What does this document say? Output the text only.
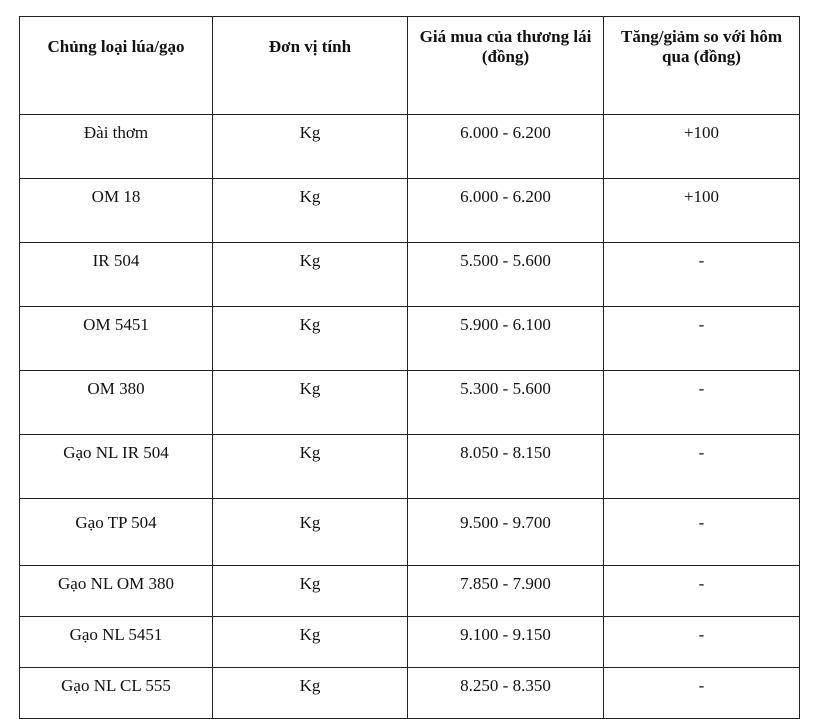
Chủng loại lúa/gạo	Đơn vị tính	Giá mua của thương lái (đồng)	Tăng/giảm so với hôm qua (đồng)
Đài thơm	Kg	6.000 - 6.200	+100
OM 18	Kg	6.000 - 6.200	+100
IR 504	Kg	5.500 - 5.600	-
OM 5451	Kg	5.900 - 6.100	-
OM 380	Kg	5.300 - 5.600	-
Gạo NL IR 504	Kg	8.050 - 8.150	-
Gạo TP 504	Kg	9.500 - 9.700	-
Gạo NL OM 380	Kg	7.850 - 7.900	-
Gạo NL 5451	Kg	9.100 - 9.150	-
Gạo NL CL 555	Kg	8.250 - 8.350	-
